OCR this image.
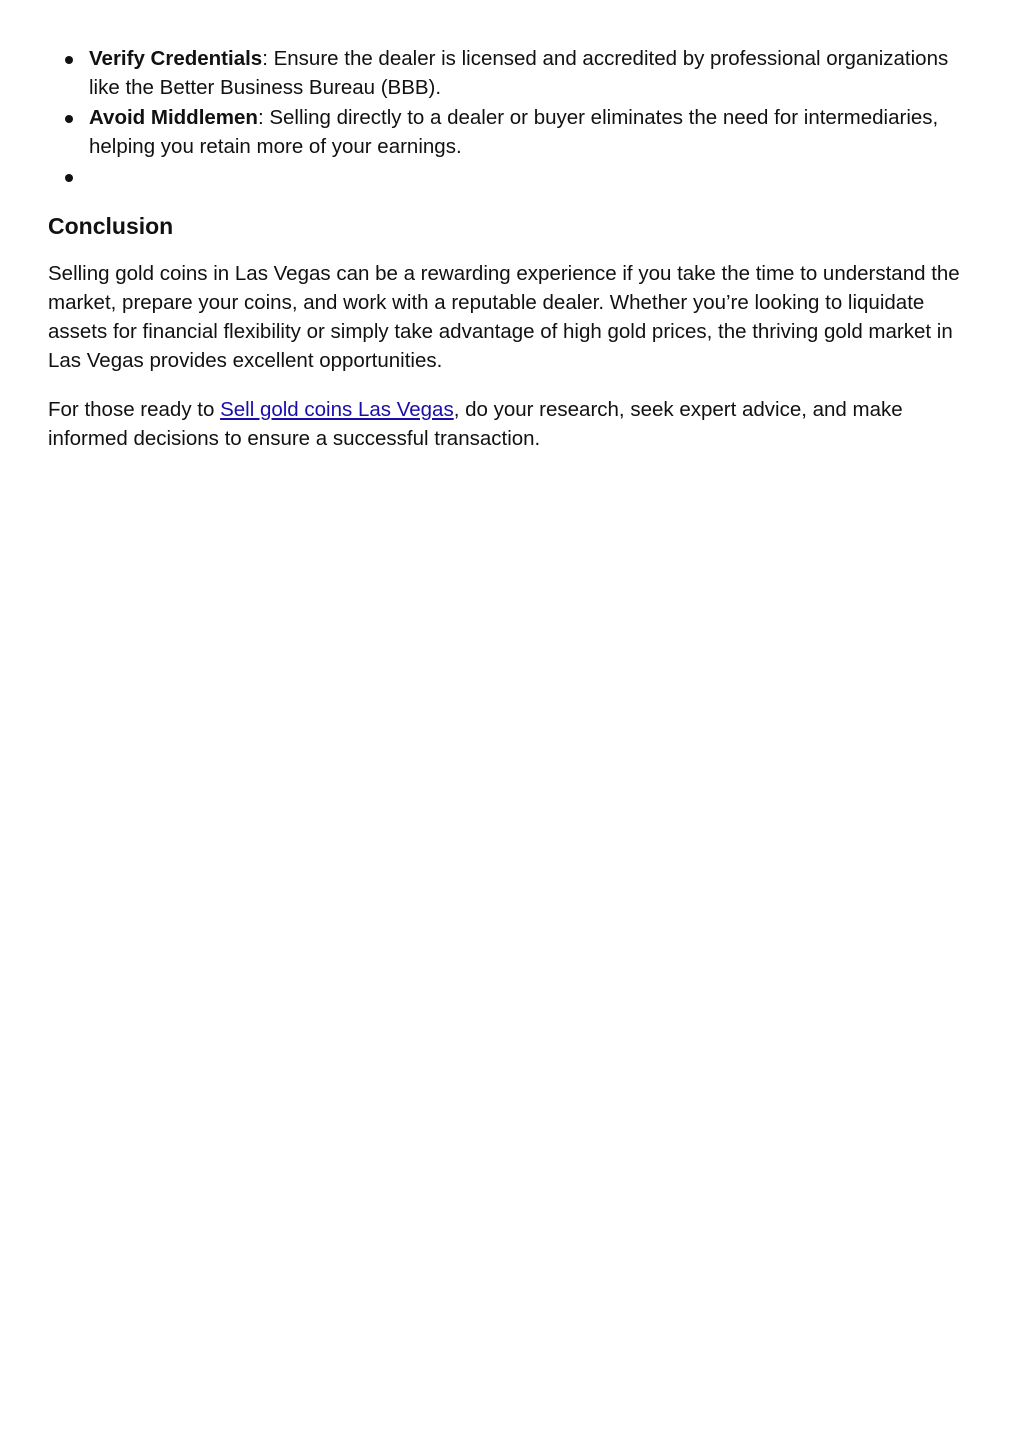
Verify Credentials: Ensure the dealer is licensed and accredited by professional organizations like the Better Business Bureau (BBB).
Avoid Middlemen: Selling directly to a dealer or buyer eliminates the need for intermediaries, helping you retain more of your earnings.
Conclusion

Selling gold coins in Las Vegas can be a rewarding experience if you take the time to understand the market, prepare your coins, and work with a reputable dealer. Whether you’re looking to liquidate assets for financial flexibility or simply take advantage of high gold prices, the thriving gold market in Las Vegas provides excellent opportunities.

For those ready to Sell gold coins Las Vegas, do your research, seek expert advice, and make informed decisions to ensure a successful transaction.
